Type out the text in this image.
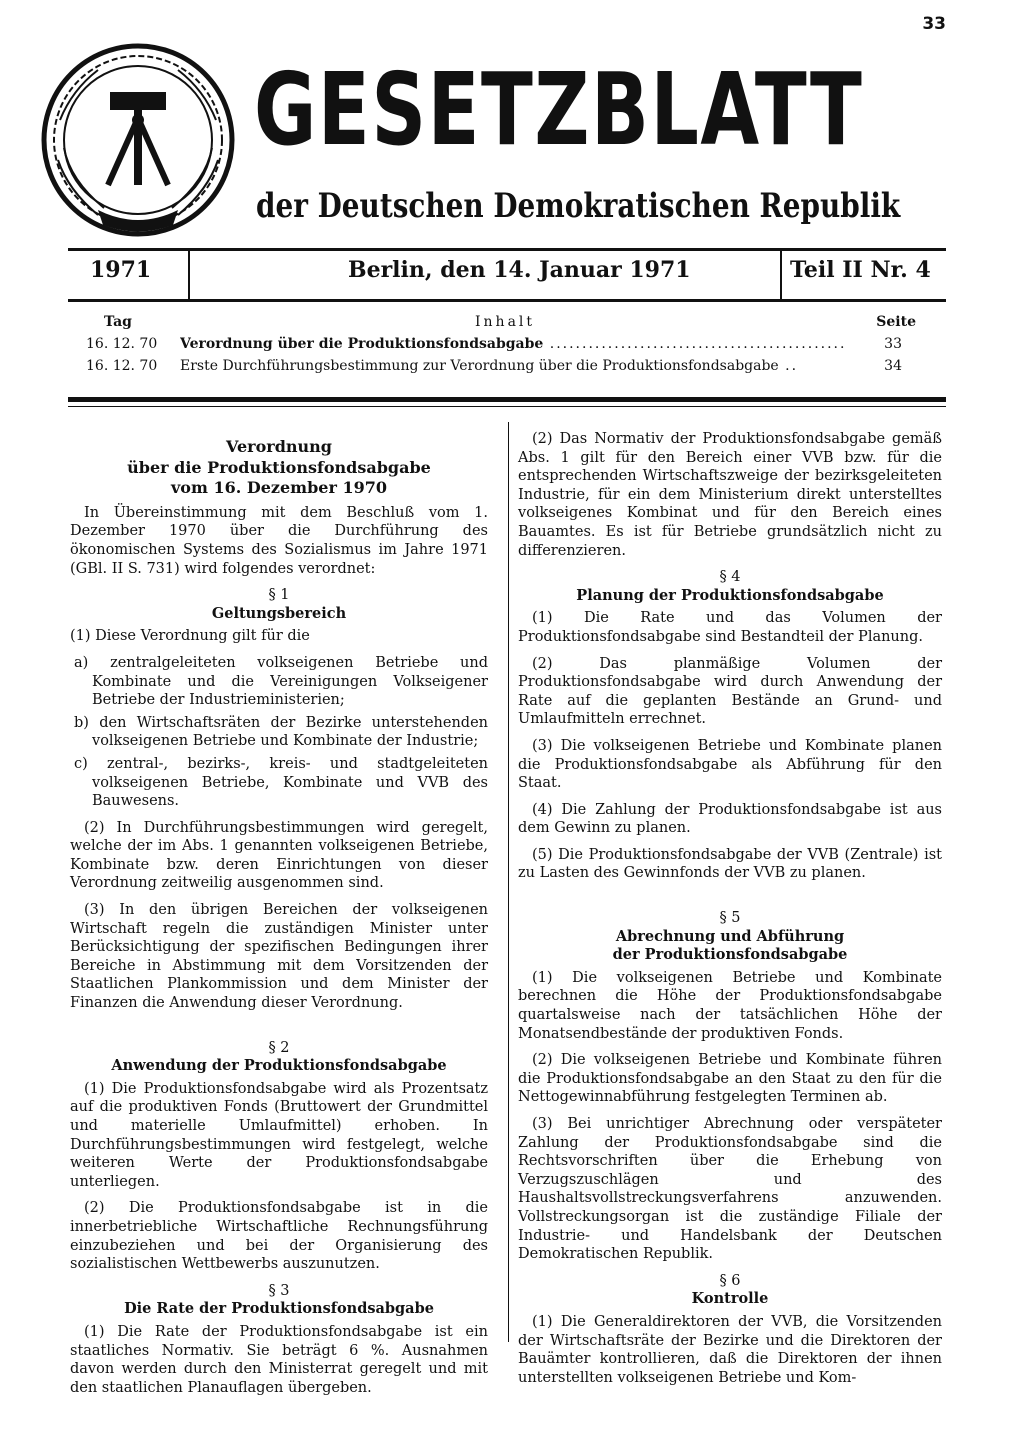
33
GESETZBLATT
der Deutschen Demokratischen Republik
1971	Berlin, den 14. Januar 1971	Teil II Nr. 4
Tag	Inhalt	Seite
16. 12. 70 Verordnung über die Produktionsfondsabgabe ..............................................	33
16. 12. 70 Erste Durchführungsbestimmung zur Verordnung über die Produktionsfondsabgabe ..	34
Verordnung
über die Produktionsfondsabgabe
vom 16. Dezember 1970

In Übereinstimmung mit dem Beschluß vom 1. Dezember 1970 über die Durchführung des ökonomischen Systems des Sozialismus im Jahre 1971 (GBl. II S. 731) wird folgendes verordnet:

§ 1
Geltungsbereich

(1) Diese Verordnung gilt für die

a) zentralgeleiteten volkseigenen Betriebe und Kombinate und die Vereinigungen Volkseigener Betriebe der Industrieministerien;
b) den Wirtschaftsräten der Bezirke unterstehenden volkseigenen Betriebe und Kombinate der Industrie;
c) zentral-, bezirks-, kreis- und stadtgeleiteten volkseigenen Betriebe, Kombinate und VVB des Bauwesens.

(2) In Durchführungsbestimmungen wird geregelt, welche der im Abs. 1 genannten volkseigenen Betriebe, Kombinate bzw. deren Einrichtungen von dieser Verordnung zeitweilig ausgenommen sind.

(3) In den übrigen Bereichen der volkseigenen Wirtschaft regeln die zuständigen Minister unter Berücksichtigung der spezifischen Bedingungen ihrer Bereiche in Abstimmung mit dem Vorsitzenden der Staatlichen Plankommission und dem Minister der Finanzen die Anwendung dieser Verordnung.

§ 2
Anwendung der Produktionsfondsabgabe

(1) Die Produktionsfondsabgabe wird als Prozentsatz auf die produktiven Fonds (Bruttowert der Grundmittel und materielle Umlaufmittel) erhoben. In Durchführungsbestimmungen wird festgelegt, welche weiteren Werte der Produktionsfondsabgabe unterliegen.

(2) Die Produktionsfondsabgabe ist in die innerbetriebliche Wirtschaftliche Rechnungsführung einzubeziehen und bei der Organisierung des sozialistischen Wettbewerbs auszunutzen.

§ 3
Die Rate der Produktionsfondsabgabe

(1) Die Rate der Produktionsfondsabgabe ist ein staatliches Normativ. Sie beträgt 6 %. Ausnahmen davon werden durch den Ministerrat geregelt und mit den staatlichen Planauflagen übergeben.

(2) Das Normativ der Produktionsfondsabgabe gemäß Abs. 1 gilt für den Bereich einer VVB bzw. für die entsprechenden Wirtschaftszweige der bezirksgeleiteten Industrie, für ein dem Ministerium direkt unterstelltes volkseigenes Kombinat und für den Bereich eines Bauamtes. Es ist für Betriebe grundsätzlich nicht zu differenzieren.

§ 4
Planung der Produktionsfondsabgabe

(1) Die Rate und das Volumen der Produktionsfondsabgabe sind Bestandteil der Planung.

(2) Das planmäßige Volumen der Produktionsfondsabgabe wird durch Anwendung der Rate auf die geplanten Bestände an Grund- und Umlaufmitteln errechnet.

(3) Die volkseigenen Betriebe und Kombinate planen die Produktionsfondsabgabe als Abführung für den Staat.

(4) Die Zahlung der Produktionsfondsabgabe ist aus dem Gewinn zu planen.

(5) Die Produktionsfondsabgabe der VVB (Zentrale) ist zu Lasten des Gewinnfonds der VVB zu planen.

§ 5
Abrechnung und Abführung
der Produktionsfondsabgabe

(1) Die volkseigenen Betriebe und Kombinate berechnen die Höhe der Produktionsfondsabgabe quartalsweise nach der tatsächlichen Höhe der Monatsendbestände der produktiven Fonds.

(2) Die volkseigenen Betriebe und Kombinate führen die Produktionsfondsabgabe an den Staat zu den für die Nettogewinnabführung festgelegten Terminen ab.

(3) Bei unrichtiger Abrechnung oder verspäteter Zahlung der Produktionsfondsabgabe sind die Rechtsvorschriften über die Erhebung von Verzugszuschlägen und des Haushaltsvollstreckungsverfahrens anzuwenden. Vollstreckungsorgan ist die zuständige Filiale der Industrie- und Handelsbank der Deutschen Demokratischen Republik.

§ 6
Kontrolle

(1) Die Generaldirektoren der VVB, die Vorsitzenden der Wirtschaftsräte der Bezirke und die Direktoren der Bauämter kontrollieren, daß die Direktoren der ihnen unterstellten volkseigenen Betriebe und Kom-
